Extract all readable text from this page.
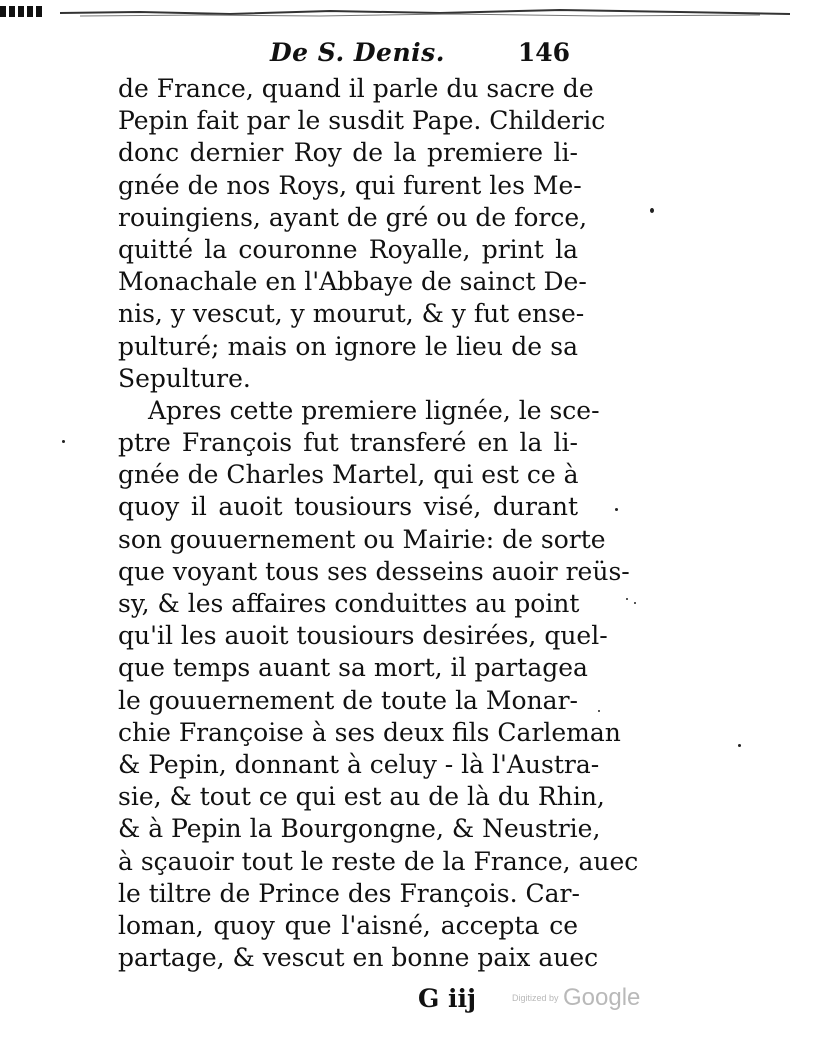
De S. Denis.	146
de France, quand il parle du sacre de
Pepin fait par le susdit Pape. Childeric
donc dernier Roy de la premiere li-
gnée de nos Roys, qui furent les Me-
rouingiens, ayant de gré ou de force,
quitté la couronne Royalle, print la
Monachale en l'Abbaye de sainct De-
nis, y vescut, y mourut, & y fut ense-
pulturé; mais on ignore le lieu de sa
Sepulture.
Apres cette premiere lignée, le sce-
ptre François fut transferé en la li-
gnée de Charles Martel, qui est ce à
quoy il auoit tousiours visé, durant
son gouuernement ou Mairie: de sorte
que voyant tous ses desseins auoir reüs-
sy, & les affaires conduittes au point
qu'il les auoit tousiours desirées, quel-
que temps auant sa mort, il partagea
le gouuernement de toute la Monar-
chie Françoise à ses deux fils Carleman
& Pepin, donnant à celuy - là l'Austra-
sie, & tout ce qui est au de là du Rhin,
& à Pepin la Bourgongne, & Neustrie,
à sçauoir tout le reste de la France, auec
le tiltre de Prince des François. Car-
loman, quoy que l'aisné, accepta ce
partage, & vescut en bonne paix auec
G iij	Digitized by Google
